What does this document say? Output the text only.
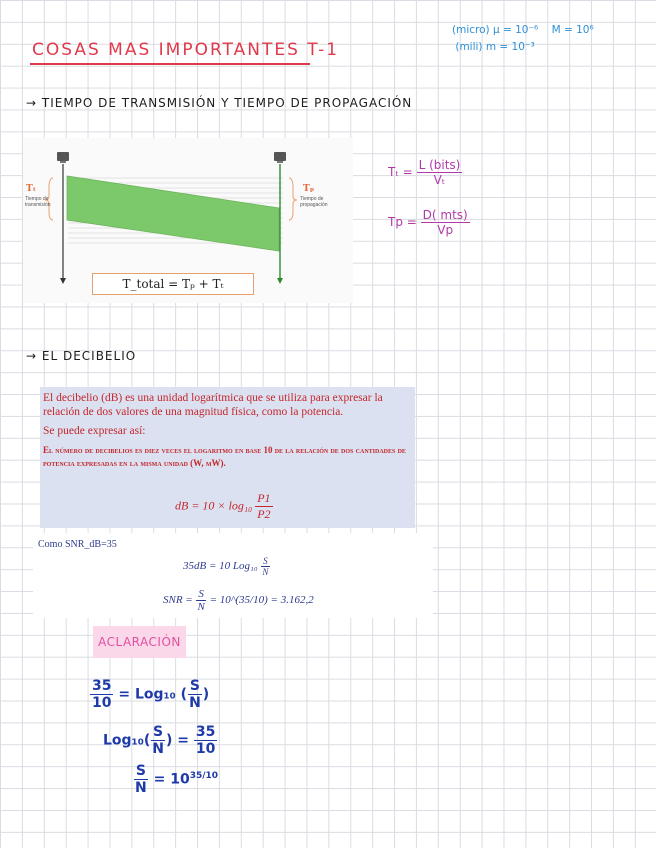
COSAS MAS IMPORTANTES T-1
(micro) μ = 10⁻⁶ M = 10⁶
(mili) m = 10⁻³
→ TIEMPO DE TRANSMISIÓN Y TIEMPO DE PROPAGACIÓN
Tₜ
Tiempo de transmisión
Tₚ
Tiempo de propagación
T_total = Tₚ + Tₜ
$T_t = \frac{\text{L (bits)}}{\text{Vₜ}}$
$Tp = \frac{\text{D( mts)}}{Vp}$
→ EL DECIBELIO

El decibelio (dB) es una unidad logarítmica que se utiliza para expresar la relación de dos valores de una magnitud física, como la potencia.

Se puede expresar así:

El número de decibelios es diez veces el logaritmo en base 10 de la relación de dos cantidades de potencia expresadas en la misma unidad (W, mW).

dB = $10 \times \log_{10} \frac{P1}{P2}$
Como SNR_dB=35
35dB = 10 $Log_{10} \frac{S}{N}$
SNR = $\frac{S}{N}$ = 10^(35/10) = 3.162,2
ACLARACIÓN
$\frac{35}{10} = Log_{10}$ ( $\frac{S}{N}$ )
$Log_{10}( \frac{S}{N}$ ) = $\frac{35}{10}$
$\frac{S}{N} = 10^{35/10}$
